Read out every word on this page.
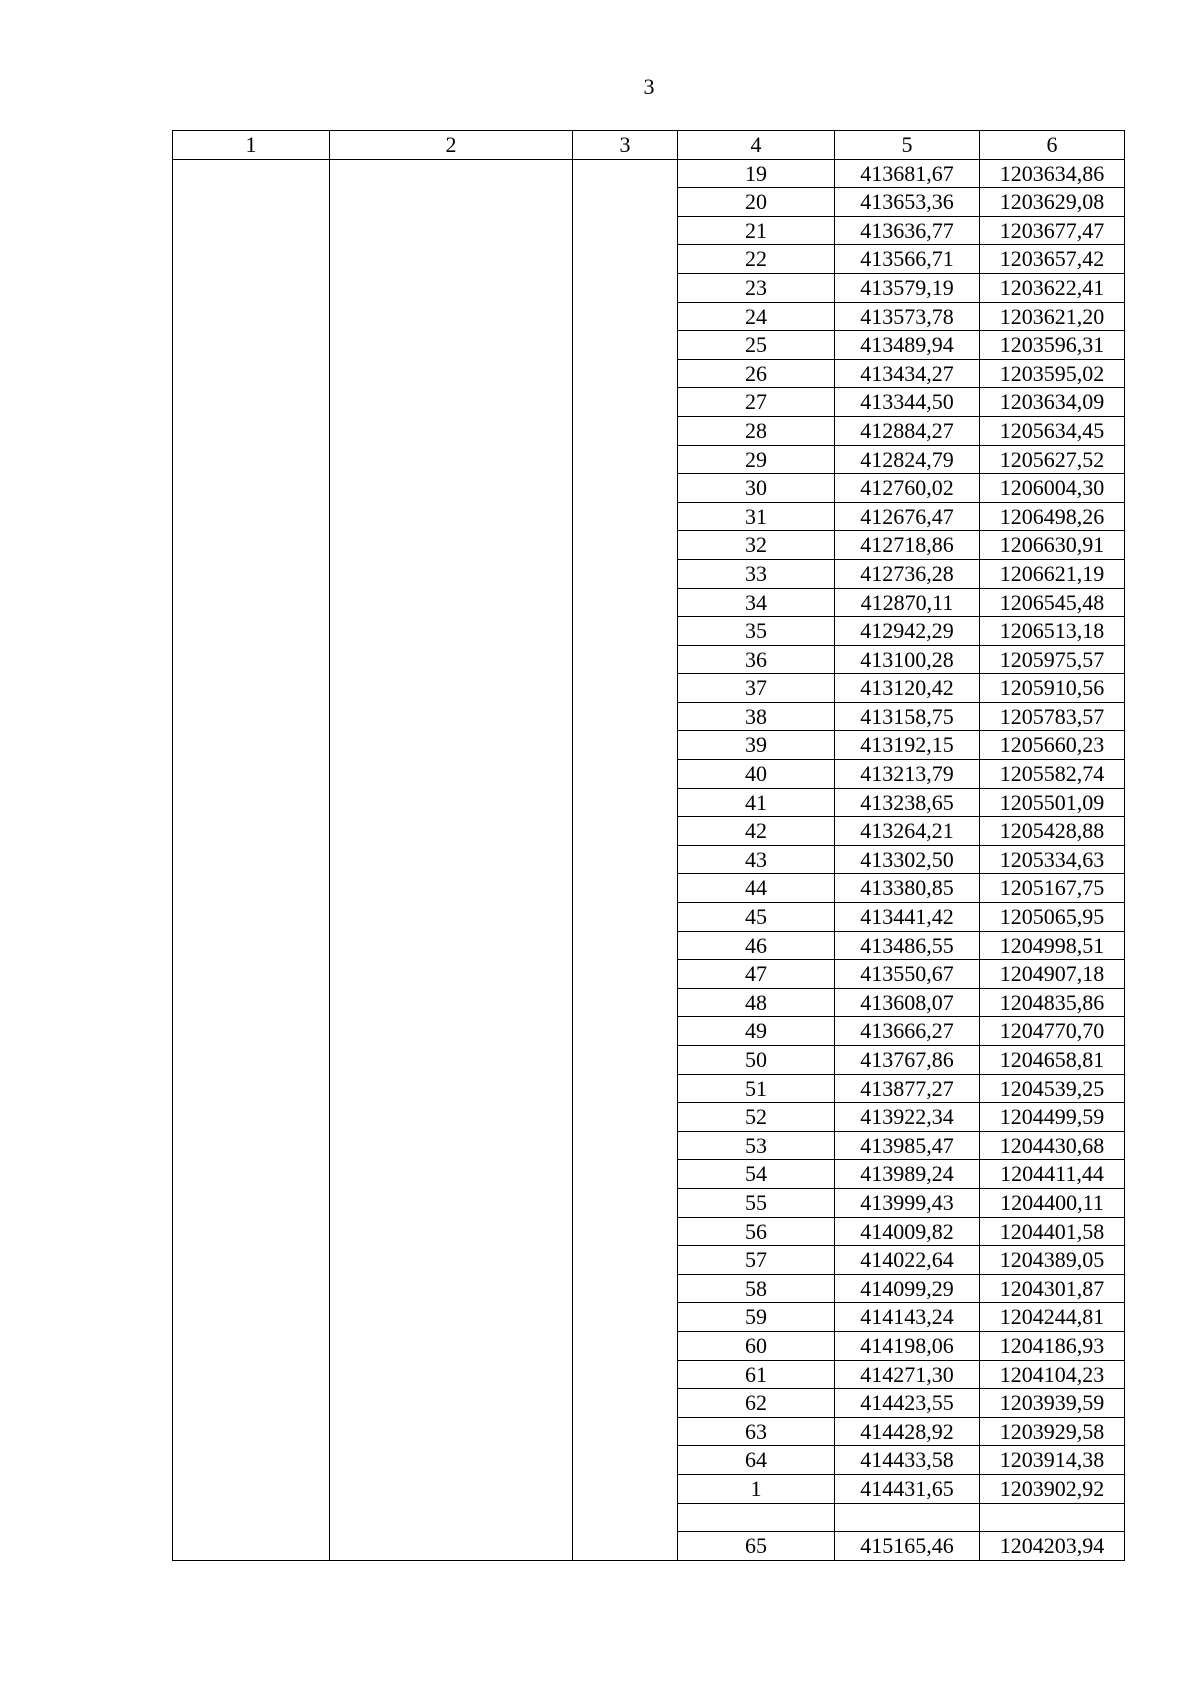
3
1	2	3	4	5	6
			19	413681,67	1203634,86
			20	413653,36	1203629,08
			21	413636,77	1203677,47
			22	413566,71	1203657,42
			23	413579,19	1203622,41
			24	413573,78	1203621,20
			25	413489,94	1203596,31
			26	413434,27	1203595,02
			27	413344,50	1203634,09
			28	412884,27	1205634,45
			29	412824,79	1205627,52
			30	412760,02	1206004,30
			31	412676,47	1206498,26
			32	412718,86	1206630,91
			33	412736,28	1206621,19
			34	412870,11	1206545,48
			35	412942,29	1206513,18
			36	413100,28	1205975,57
			37	413120,42	1205910,56
			38	413158,75	1205783,57
			39	413192,15	1205660,23
			40	413213,79	1205582,74
			41	413238,65	1205501,09
			42	413264,21	1205428,88
			43	413302,50	1205334,63
			44	413380,85	1205167,75
			45	413441,42	1205065,95
			46	413486,55	1204998,51
			47	413550,67	1204907,18
			48	413608,07	1204835,86
			49	413666,27	1204770,70
			50	413767,86	1204658,81
			51	413877,27	1204539,25
			52	413922,34	1204499,59
			53	413985,47	1204430,68
			54	413989,24	1204411,44
			55	413999,43	1204400,11
			56	414009,82	1204401,58
			57	414022,64	1204389,05
			58	414099,29	1204301,87
			59	414143,24	1204244,81
			60	414198,06	1204186,93
			61	414271,30	1204104,23
			62	414423,55	1203939,59
			63	414428,92	1203929,58
			64	414433,58	1203914,38
			1	414431,65	1203902,92

			65	415165,46	1204203,94
